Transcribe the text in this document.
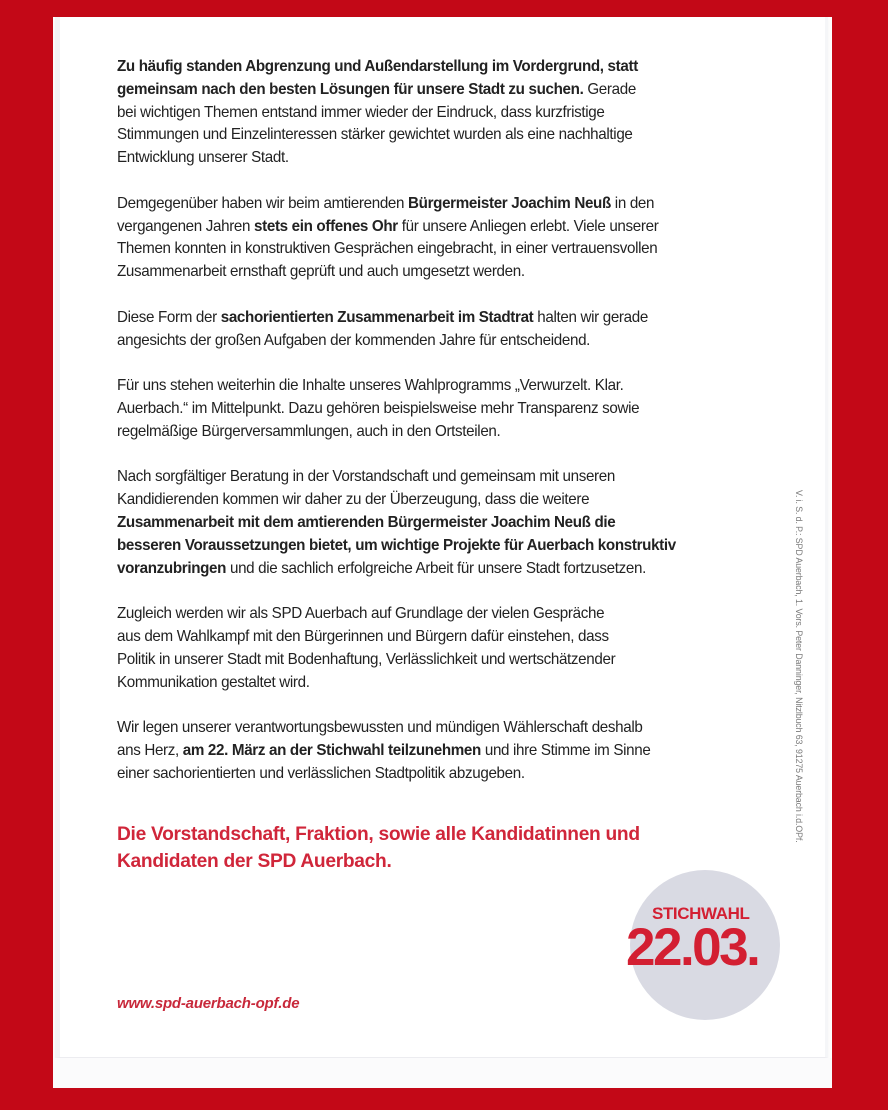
Zu häufig standen Abgrenzung und Außendarstellung im Vordergrund, statt
gemeinsam nach den besten Lösungen für unsere Stadt zu suchen. Gerade
bei wichtigen Themen entstand immer wieder der Eindruck, dass kurzfristige
Stimmungen und Einzelinteressen stärker gewichtet wurden als eine nachhaltige
Entwicklung unserer Stadt.

Demgegenüber haben wir beim amtierenden Bürgermeister Joachim Neuß in den
vergangenen Jahren stets ein offenes Ohr für unsere Anliegen erlebt. Viele unserer
Themen konnten in konstruktiven Gesprächen eingebracht, in einer vertrauensvollen
Zusammenarbeit ernsthaft geprüft und auch umgesetzt werden.

Diese Form der sachorientierten Zusammenarbeit im Stadtrat halten wir gerade
angesichts der großen Aufgaben der kommenden Jahre für entscheidend.

Für uns stehen weiterhin die Inhalte unseres Wahlprogramms „Verwurzelt. Klar.
Auerbach.“ im Mittelpunkt. Dazu gehören beispielsweise mehr Transparenz sowie
regelmäßige Bürgerversammlungen, auch in den Ortsteilen.

Nach sorgfältiger Beratung in der Vorstandschaft und gemeinsam mit unseren
Kandidierenden kommen wir daher zu der Überzeugung, dass die weitere
Zusammenarbeit mit dem amtierenden Bürgermeister Joachim Neuß die
besseren Voraussetzungen bietet, um wichtige Projekte für Auerbach konstruktiv
voranzubringen und die sachlich erfolgreiche Arbeit für unsere Stadt fortzusetzen.

Zugleich werden wir als SPD Auerbach auf Grundlage der vielen Gespräche
aus dem Wahlkampf mit den Bürgerinnen und Bürgern dafür einstehen, dass
Politik in unserer Stadt mit Bodenhaftung, Verlässlichkeit und wertschätzender
Kommunikation gestaltet wird.

Wir legen unserer verantwortungsbewussten und mündigen Wählerschaft deshalb
ans Herz, am 22. März an der Stichwahl teilzunehmen und ihre Stimme im Sinne
einer sachorientierten und verlässlichen Stadtpolitik abzugeben.

Die Vorstandschaft, Fraktion, sowie alle Kandidatinnen und
Kandidaten der SPD Auerbach.
STICHWAHL
22.03.
www.spd-auerbach-opf.de
V. i. S. d. P.: SPD Auerbach, 1. Vors. Peter Danninger, Nitzlbuch 63, 91275 Auerbach i.d.OPf.
